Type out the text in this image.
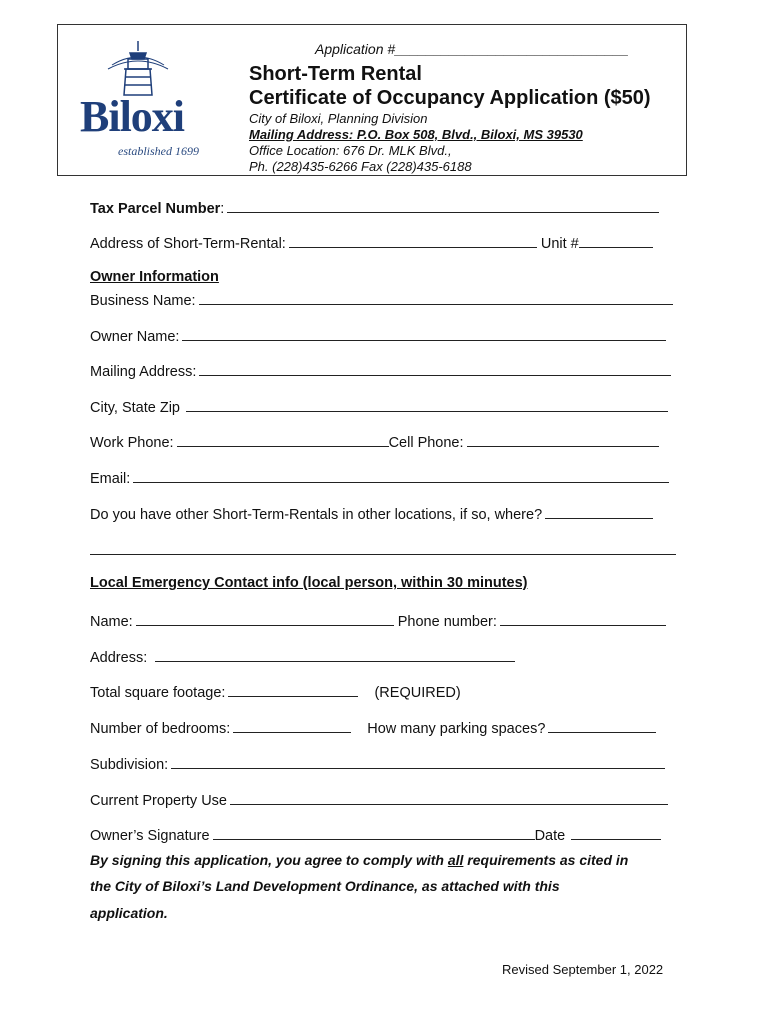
Biloxi
established 1699
Application #______________________________
Short-Term Rental
Certificate of Occupancy Application ($50)
City of Biloxi, Planning Division
Mailing Address: P.O. Box 508, Blvd., Biloxi, MS 39530
Office Location: 676 Dr. MLK Blvd.,
Ph. (228)435-6266 Fax (228)435-6188
Tax Parcel Number:
Address of Short-Term-Rental:	Unit #
Owner Information
Business Name:
Owner Name:
Mailing Address:
City, State Zip
Work Phone:	Cell Phone:
Email:
Do you have other Short-Term-Rentals in other locations, if so, where?
Local Emergency Contact info (local person, within 30 minutes)
Name:	Phone number:
Address:
Total square footage:	(REQUIRED)
Number of bedrooms:	How many parking spaces?
Subdivision:
Current Property Use
Owner’s Signature	Date
By signing this application, you agree to comply with all requirements as cited in
the City of Biloxi’s Land Development Ordinance, as attached with this
application.
Revised September 1, 2022
